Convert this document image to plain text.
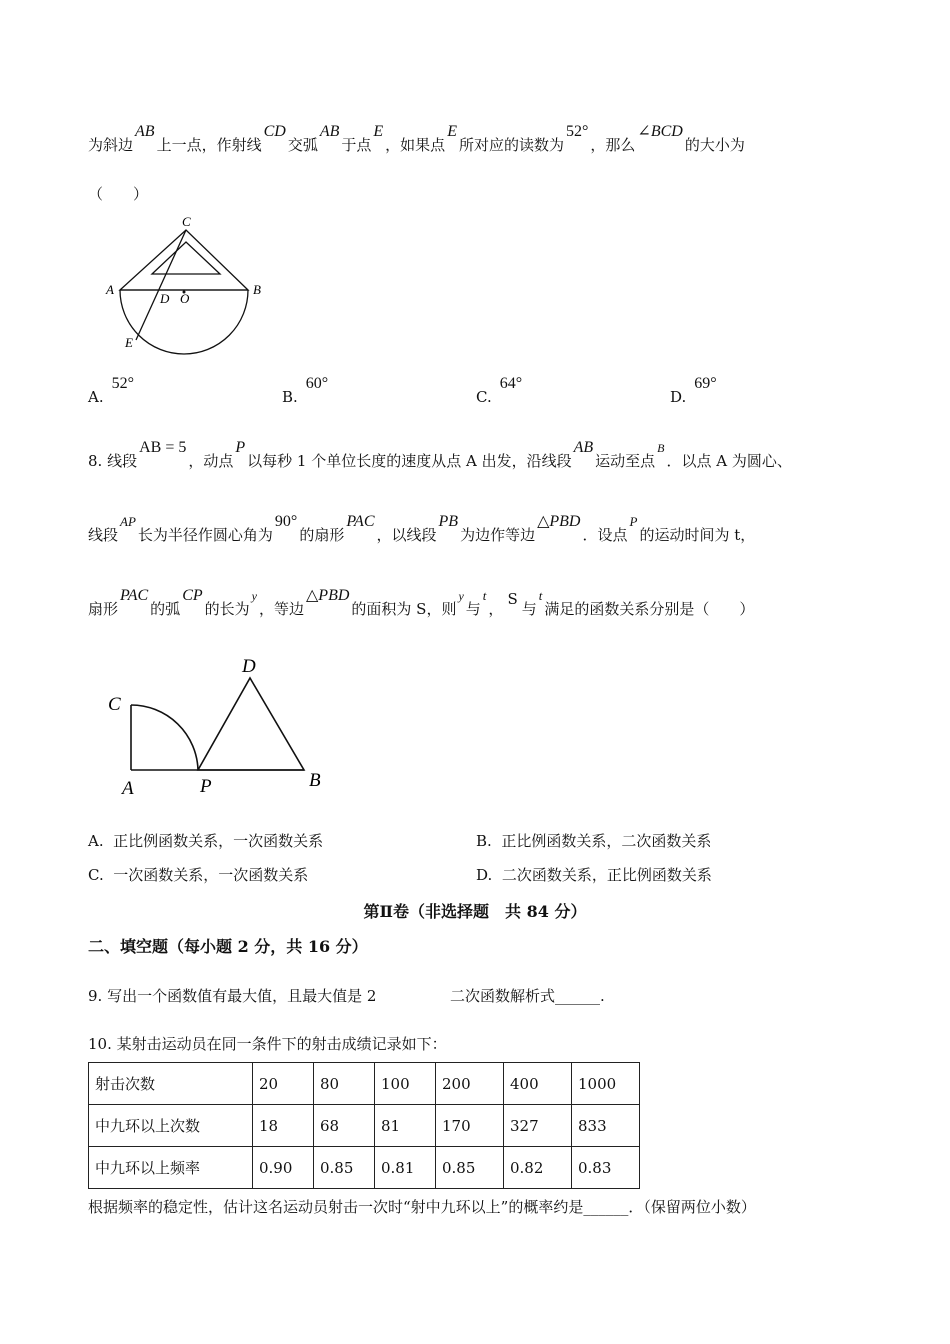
为斜边AB上一点，作射线CD交弧AB于点E，如果点E所对应的读数为52°，那么∠BCD的大小为
（　　）
C
A
D O
B
E
A.52°
B.60°
C.64°
D.69°
8. 线段AB = 5，动点P以每秒 1 个单位长度的速度从点 A 出发，沿线段AB运动至点$^B$．以点 A 为圆心、
线段AP长为半径作圆心角为90°的扇形PAC，以线段PB为边作等边△PBD．设点P的运动时间为 t，
扇形PAC的弧CP的长为$^y$，等边△PBD的面积为 S，则$^y$与t，S与t满足的函数关系分别是（　　）
C
D
A	P	B
A. 正比例函数关系，一次函数关系	B. 正比例函数关系，二次函数关系
C. 一次函数关系，一次函数关系	D. 二次函数关系，正比例函数关系
第Ⅱ卷（非选择题　共 84 分）
二、填空题（每小题 2 分，共 16 分）
9. 写出一个函数值有最大值，且最大值是 2	二次函数解析式______.
10. 某射击运动员在同一条件下的射击成绩记录如下：
射击次数	20	80	100	200	400	1000
中九环以上次数	18	68	81	170	327	833
中九环以上频率	0.90	0.85	0.81	0.85	0.82	0.83
根据频率的稳定性，估计这名运动员射击一次时“射中九环以上”的概率约是______．（保留两位小数）
